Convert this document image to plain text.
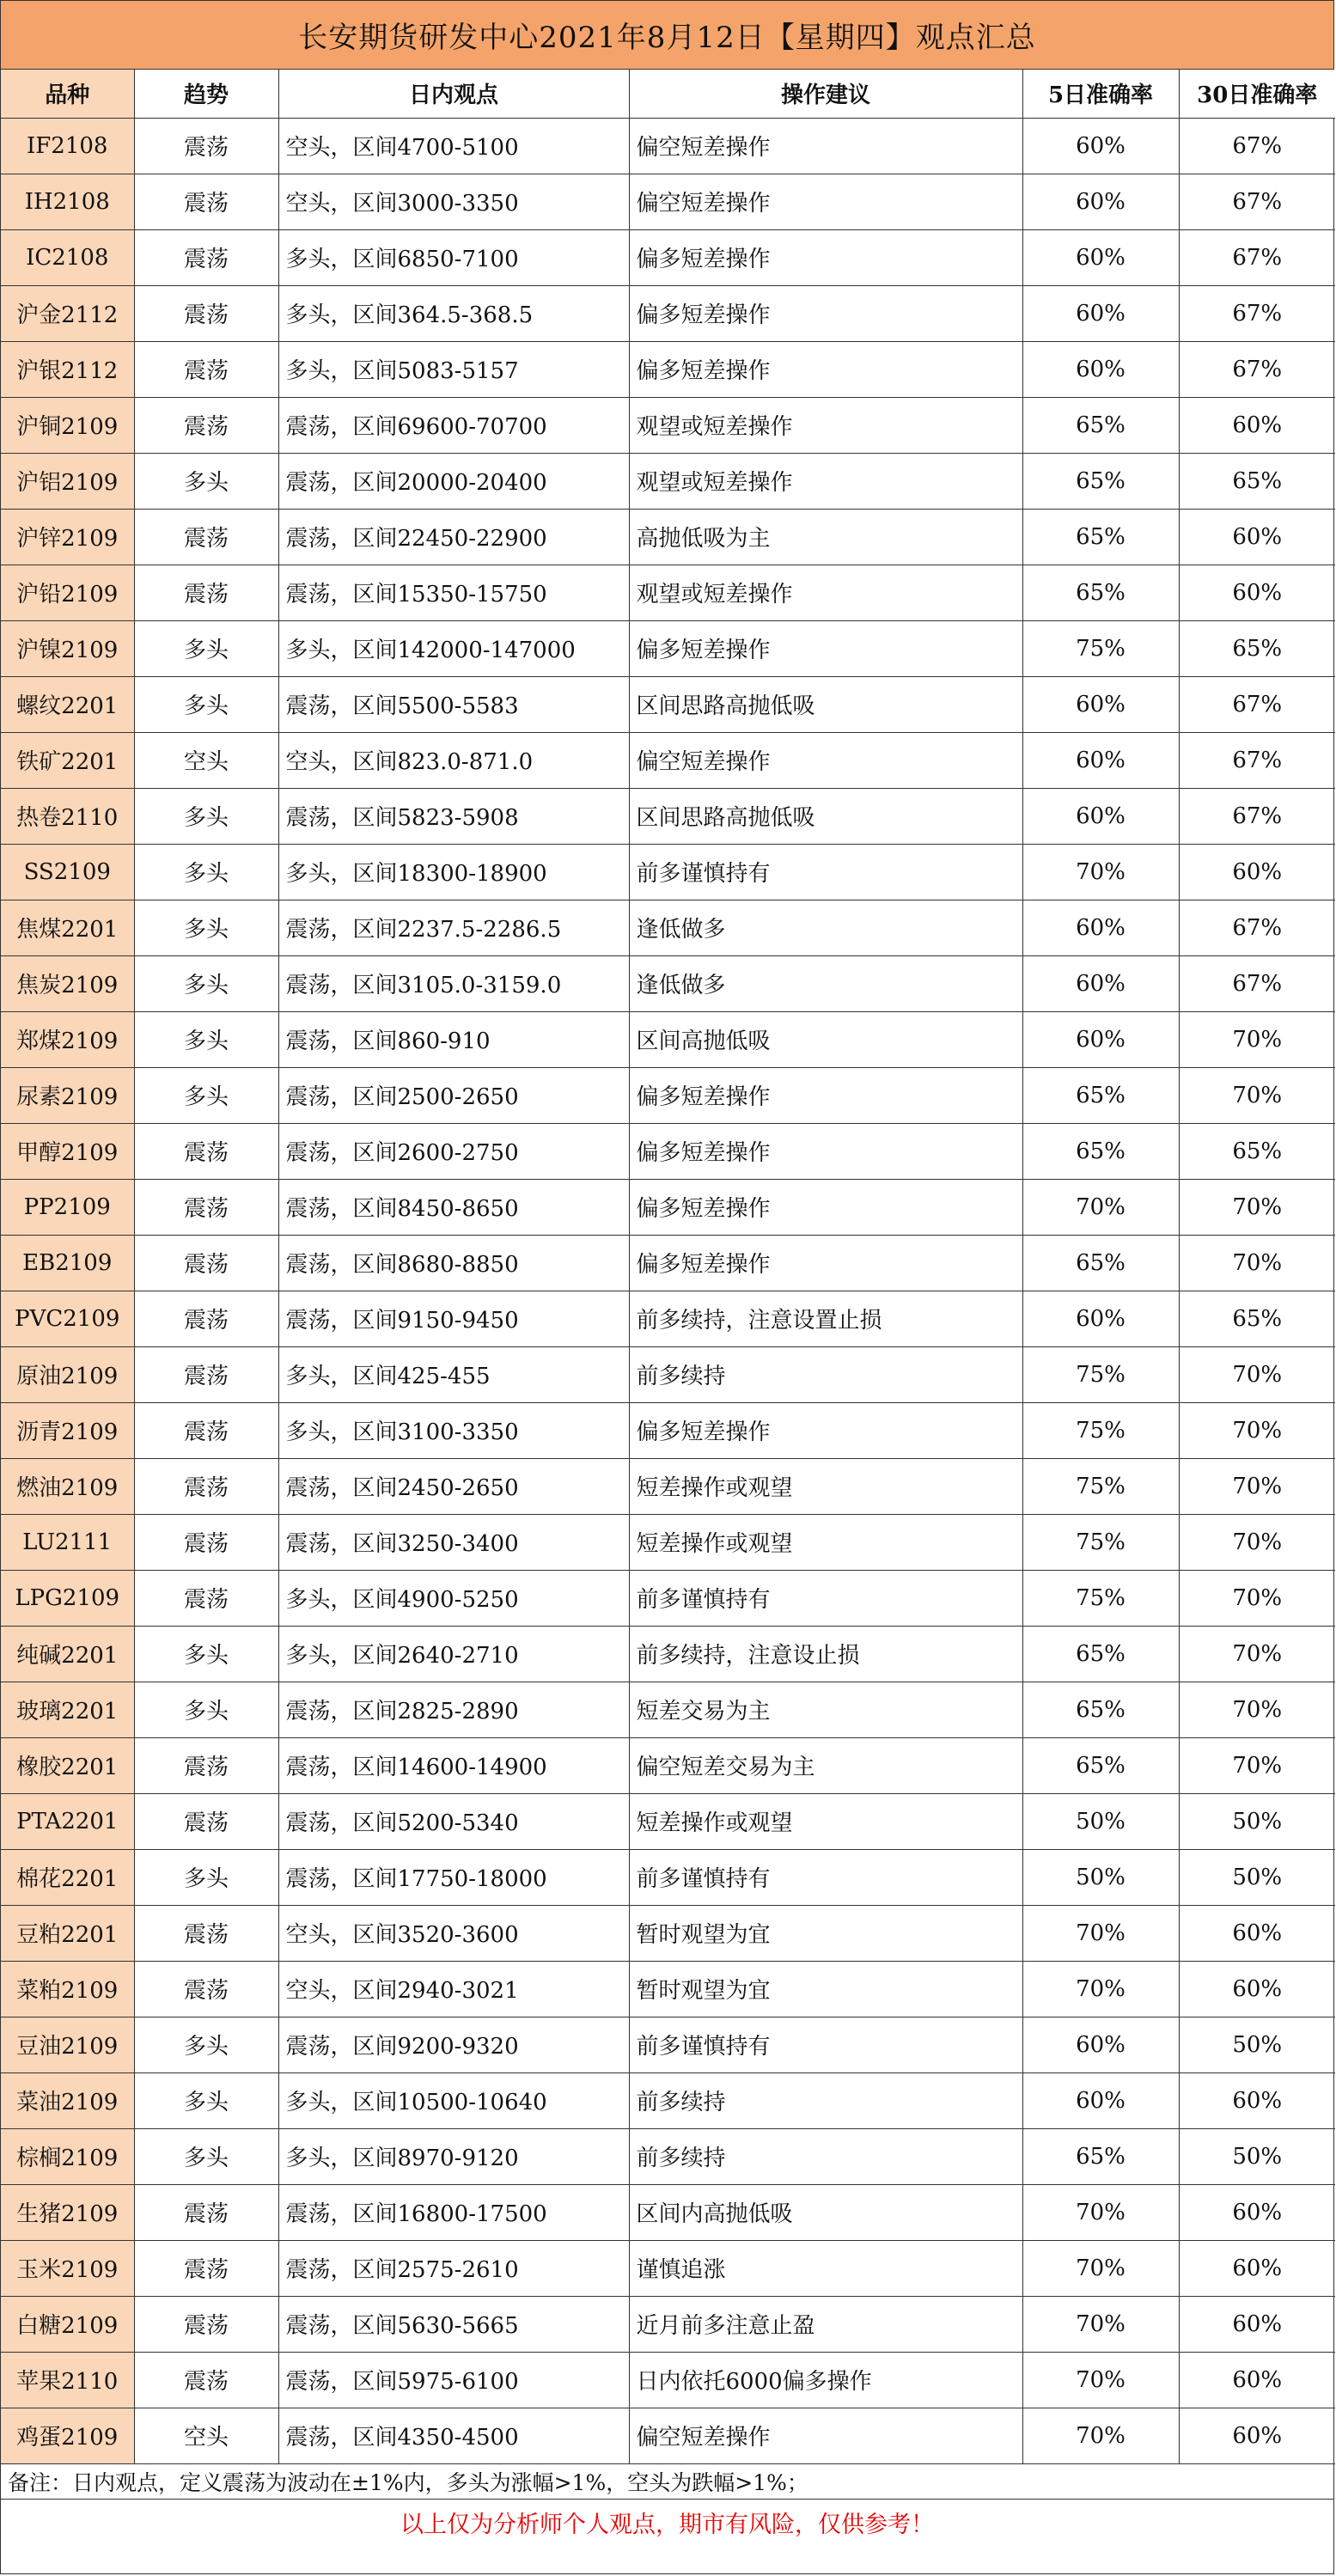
长安期货研发中心2021年8月12日【星期四】观点汇总
品种	趋势	日内观点	操作建议	5日准确率	30日准确率
IF2108	震荡	空头，区间4700-5100	偏空短差操作	60%	67%
IH2108	震荡	空头，区间3000-3350	偏空短差操作	60%	67%
IC2108	震荡	多头，区间6850-7100	偏多短差操作	60%	67%
沪金2112	震荡	多头，区间364.5-368.5	偏多短差操作	60%	67%
沪银2112	震荡	多头，区间5083-5157	偏多短差操作	60%	67%
沪铜2109	震荡	震荡，区间69600-70700	观望或短差操作	65%	60%
沪铝2109	多头	震荡，区间20000-20400	观望或短差操作	65%	65%
沪锌2109	震荡	震荡，区间22450-22900	高抛低吸为主	65%	60%
沪铅2109	震荡	震荡，区间15350-15750	观望或短差操作	65%	60%
沪镍2109	多头	多头，区间142000-147000	偏多短差操作	75%	65%
螺纹2201	多头	震荡，区间5500-5583	区间思路高抛低吸	60%	67%
铁矿2201	空头	空头，区间823.0-871.0	偏空短差操作	60%	67%
热卷2110	多头	震荡，区间5823-5908	区间思路高抛低吸	60%	67%
SS2109	多头	多头，区间18300-18900	前多谨慎持有	70%	60%
焦煤2201	多头	震荡，区间2237.5-2286.5	逢低做多	60%	67%
焦炭2109	多头	震荡，区间3105.0-3159.0	逢低做多	60%	67%
郑煤2109	多头	震荡，区间860-910	区间高抛低吸	60%	70%
尿素2109	多头	震荡，区间2500-2650	偏多短差操作	65%	70%
甲醇2109	震荡	震荡，区间2600-2750	偏多短差操作	65%	65%
PP2109	震荡	震荡，区间8450-8650	偏多短差操作	70%	70%
EB2109	震荡	震荡，区间8680-8850	偏多短差操作	65%	70%
PVC2109	震荡	震荡，区间9150-9450	前多续持，注意设置止损	60%	65%
原油2109	震荡	多头，区间425-455	前多续持	75%	70%
沥青2109	震荡	多头，区间3100-3350	偏多短差操作	75%	70%
燃油2109	震荡	震荡，区间2450-2650	短差操作或观望	75%	70%
LU2111	震荡	震荡，区间3250-3400	短差操作或观望	75%	70%
LPG2109	震荡	多头，区间4900-5250	前多谨慎持有	75%	70%
纯碱2201	多头	多头，区间2640-2710	前多续持，注意设止损	65%	70%
玻璃2201	多头	震荡，区间2825-2890	短差交易为主	65%	70%
橡胶2201	震荡	震荡，区间14600-14900	偏空短差交易为主	65%	70%
PTA2201	震荡	震荡，区间5200-5340	短差操作或观望	50%	50%
棉花2201	多头	震荡，区间17750-18000	前多谨慎持有	50%	50%
豆粕2201	震荡	空头，区间3520-3600	暂时观望为宜	70%	60%
菜粕2109	震荡	空头，区间2940-3021	暂时观望为宜	70%	60%
豆油2109	多头	震荡，区间9200-9320	前多谨慎持有	60%	50%
菜油2109	多头	多头，区间10500-10640	前多续持	60%	60%
棕榈2109	多头	多头，区间8970-9120	前多续持	65%	50%
生猪2109	震荡	震荡，区间16800-17500	区间内高抛低吸	70%	60%
玉米2109	震荡	震荡，区间2575-2610	谨慎追涨	70%	60%
白糖2109	震荡	震荡，区间5630-5665	近月前多注意止盈	70%	60%
苹果2110	震荡	震荡，区间5975-6100	日内依托6000偏多操作	70%	60%
鸡蛋2109	空头	震荡，区间4350-4500	偏空短差操作	70%	60%
备注：日内观点，定义震荡为波动在±1%内，多头为涨幅>1%，空头为跌幅>1%；
以上仅为分析师个人观点，期市有风险，仅供参考！
